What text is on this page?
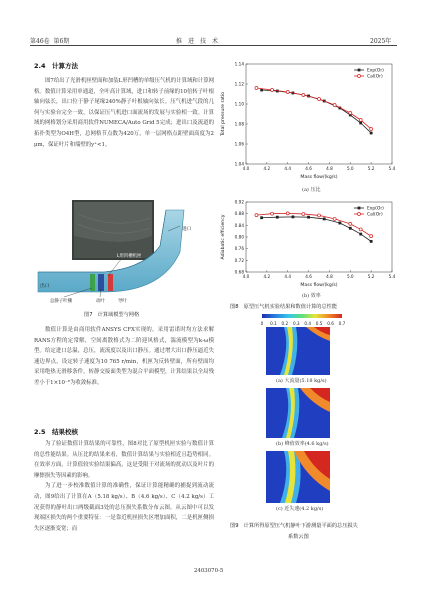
第46卷 第6期	推　进　技　术	2025年
2.4　计算方法

图7给出了光滑机匣壁面和加装L形凹槽的单级压气机的计算域和计算网格。数值计算采用单通道，全叶高计算域，进口和转子前缘的10倍转子叶根轴向弦长，出口位于静子尾缘240%静子叶根轴向弦长。压气机进气段的几何与实验台完全一致，以保证压气机进口面流场的发展与实验相一致。计算域的网格划分采用商用软件NUMECA/Auto Grid 5完成；进出口及流道的拓扑类型为O4H型，总网格节点数为420万，单一层网格点距壁面高度为2 μm，保证叶片和端壁的y⁺<1。

进口
L形凹槽机匣
出口
总静子叶栅	动叶	导叶
图7　计算域模型与网格

数值计算是由商用软件ANSYS CFX实现的。采用雷诺时均方法求解RANS方程的定常解，空间离散格式为二阶迎风格式，湍流模型为k-ω模型。给定进口总温，总压，流流度以及出口静压。通过增大出口静压逼近失速边界点，设定转子速度为10 765 r/min，机匣为反转壁面，所有壁面均采用绝热无滑移条件，转静交接面类型为混合平面模型，计算结果以全局残差小于1×10⁻⁶为收敛标准。

2.5　结果校核

为了验证数值计算结果的可靠性，图8对比了原型机匣实验与数值计算的总性能结果。从压比的结果来看，数值计算结果与实验相近且趋势相同。在效率方面，计算值较实验结果偏高，这是受限于对流场的扰动以及叶片的摩擦损失等因素的影响。

为了进一步校准数值计算的准确性，保证计算能精确的捕捉到流动流动，图9给出了计算在A（5.18 kg/s）、B（4.6 kg/s）、C（4.2 kg/s）工况获得的静叶出口两级截面3处的总压损失系数分布云图。从云图中可以发现端区损失的两个重要特征：一是靠近机匣损失区增加面积，二是机匣侧损失区逐渐变宽；而

4.0	4.2	4.4	4.6	4.8	5.0	5.2	5.4
1.04
1.06
1.08
1.10
1.12
1.14
Mass flow/(kg/s)
Total pressure ratio
Exp(Or)
Cal(Or)
(a) 压比
4.0	4.2	4.4	4.6	4.8	5.0	5.2	5.4
0.68
0.72
0.76
0.80
0.84
0.88
0.92
Mass flow/(kg/s)
Adiabatic efficiency
Exp(Or)
Cal(Or)
(b) 效率
图8　原型压气机实验结果和数值计算的总性能
0 0.1 0.2 0.3 0.4 0.5 0.6 0.7
(a) 大流量(5.18 kg/s)
(b) 峰值效率(4.6 kg/s)
(c) 近失速(4.2 kg/s)
图9　计算所得原型压气机静叶下游测量平面的总压损失
系数云图
2403070-5
